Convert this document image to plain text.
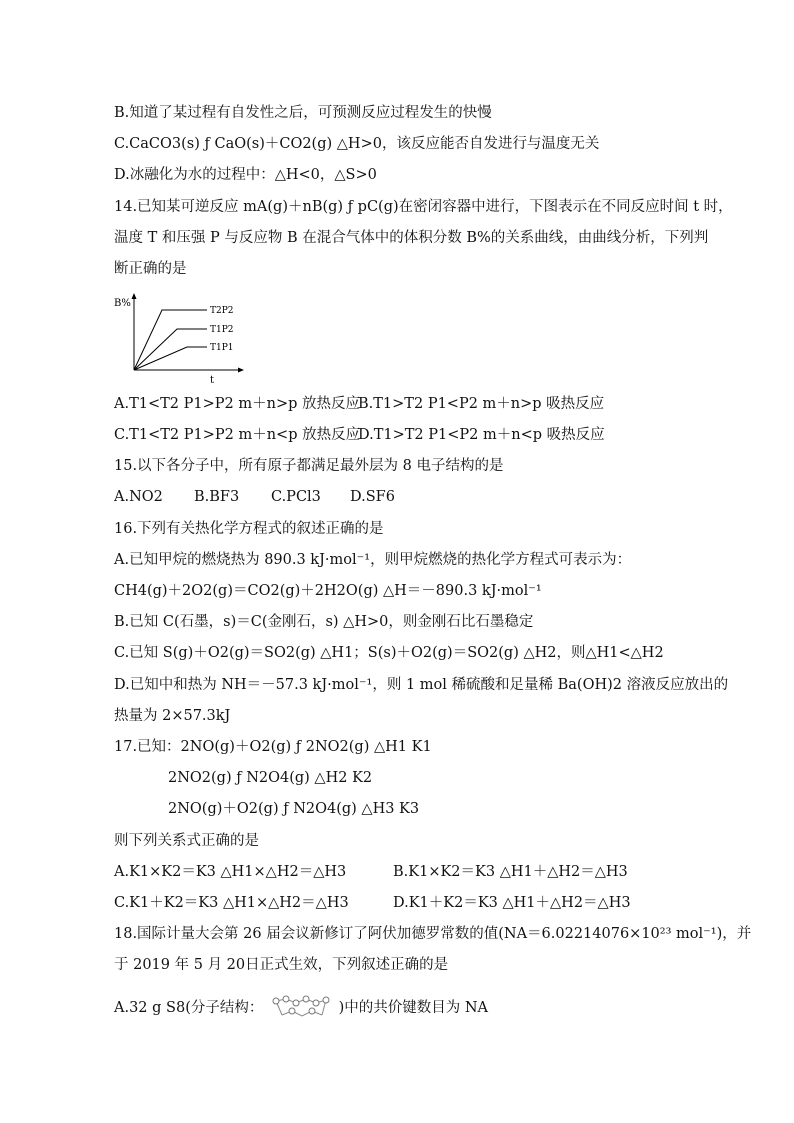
B.知道了某过程有自发性之后，可预测反应过程发生的快慢
C.CaCO3(s) ƒ CaO(s)＋CO2(g) △H>0，该反应能否自发进行与温度无关
D.冰融化为水的过程中：△H<0，△S>0
14.已知某可逆反应 mA(g)＋nB(g) ƒ pC(g)在密闭容器中进行，下图表示在不同反应时间 t 时，
温度 T 和压强 P 与反应物 B 在混合气体中的体积分数 B%的关系曲线，由曲线分析，下列判
断正确的是
B%
t
T2P2
T1P2
T1P1
A.T1<T2 P1>P2 m＋n>p 放热反应
B.T1>T2 P1<P2 m＋n>p 吸热反应
C.T1<T2 P1>P2 m＋n<p 放热反应
D.T1>T2 P1<P2 m＋n<p 吸热反应
15.以下各分子中，所有原子都满足最外层为 8 电子结构的是
A.NO2 B.BF3 C.PCl3 D.SF6
16.下列有关热化学方程式的叙述正确的是
A.已知甲烷的燃烧热为 890.3 kJ·mol⁻¹，则甲烷燃烧的热化学方程式可表示为：
CH4(g)＋2O2(g)＝CO2(g)＋2H2O(g) △H＝－890.3 kJ·mol⁻¹
B.已知 C(石墨，s)＝C(金刚石，s) △H>0，则金刚石比石墨稳定
C.已知 S(g)＋O2(g)＝SO2(g) △H1；S(s)＋O2(g)＝SO2(g) △H2，则△H1<△H2
D.已知中和热为 NH＝－57.3 kJ·mol⁻¹，则 1 mol 稀硫酸和足量稀 Ba(OH)2 溶液反应放出的
热量为 2×57.3kJ
17.已知：2NO(g)＋O2(g) ƒ 2NO2(g) △H1 K1
2NO2(g) ƒ N2O4(g) △H2 K2
2NO(g)＋O2(g) ƒ N2O4(g) △H3 K3
则下列关系式正确的是
A.K1×K2＝K3 △H1×△H2＝△H3	B.K1×K2＝K3 △H1＋△H2＝△H3
C.K1＋K2＝K3 △H1×△H2＝△H3	D.K1＋K2＝K3 △H1＋△H2＝△H3
18.国际计量大会第 26 届会议新修订了阿伏加德罗常数的值(NA＝6.02214076×10²³ mol⁻¹)，并
于 2019 年 5 月 20日正式生效，下列叙述正确的是
A.32 g S8(分子结构：	)中的共价键数目为 NA
